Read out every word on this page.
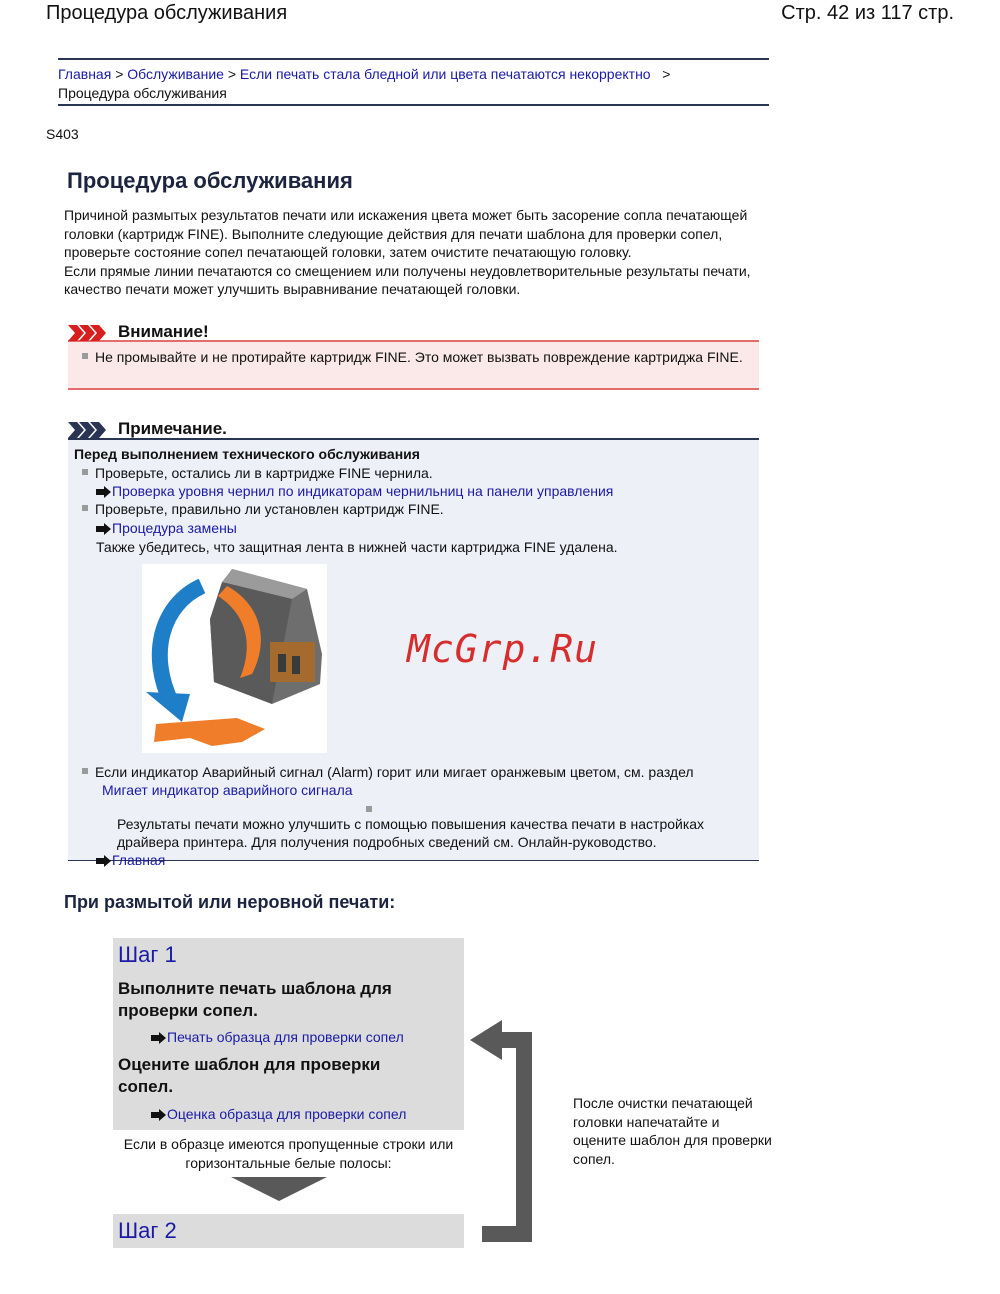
Процедура обслуживания	Стр. 42 из 117 стр.
Главная > Обслуживание > Если печать стала бледной или цвета печатаются некорректно >
Процедура обслуживания
S403
Процедура обслуживания

Причиной размытых результатов печати или искажения цвета может быть засорение сопла печатающей головки (картридж FINE). Выполните следующие действия для печати шаблона для проверки сопел, проверьте состояние сопел печатающей головки, затем очистите печатающую головку.

Если прямые линии печатаются со смещением или получены неудовлетворительные результаты печати, качество печати может улучшить выравнивание печатающей головки.

Внимание!
Не промывайте и не протирайте картридж FINE. Это может вызвать повреждение картриджа FINE.
Примечание.
Перед выполнением технического обслуживания
Проверьте, остались ли в картридже FINE чернила.
Проверка уровня чернил по индикаторам чернильниц на панели управления
Проверьте, правильно ли установлен картридж FINE.
Процедура замены
Также убедитесь, что защитная лента в нижней части картриджа FINE удалена.
McGrp.Ru
Если индикатор Аварийный сигнал (Alarm) горит или мигает оранжевым цветом, см. раздел
Мигает индикатор аварийного сигнала
Результаты печати можно улучшить с помощью повышения качества печати в настройках драйвера принтера. Для получения подробных сведений см. Онлайн-руководство.
Главная
При размытой или неровной печати:
Шаг 1
Выполните печать шаблона для проверки сопел.
Печать образца для проверки сопел
Оцените шаблон для проверки сопел.
Оценка образца для проверки сопел
Если в образце имеются пропущенные строки или горизонтальные белые полосы:
Шаг 2
После очистки печатающей головки напечатайте и оцените шаблон для проверки сопел.
